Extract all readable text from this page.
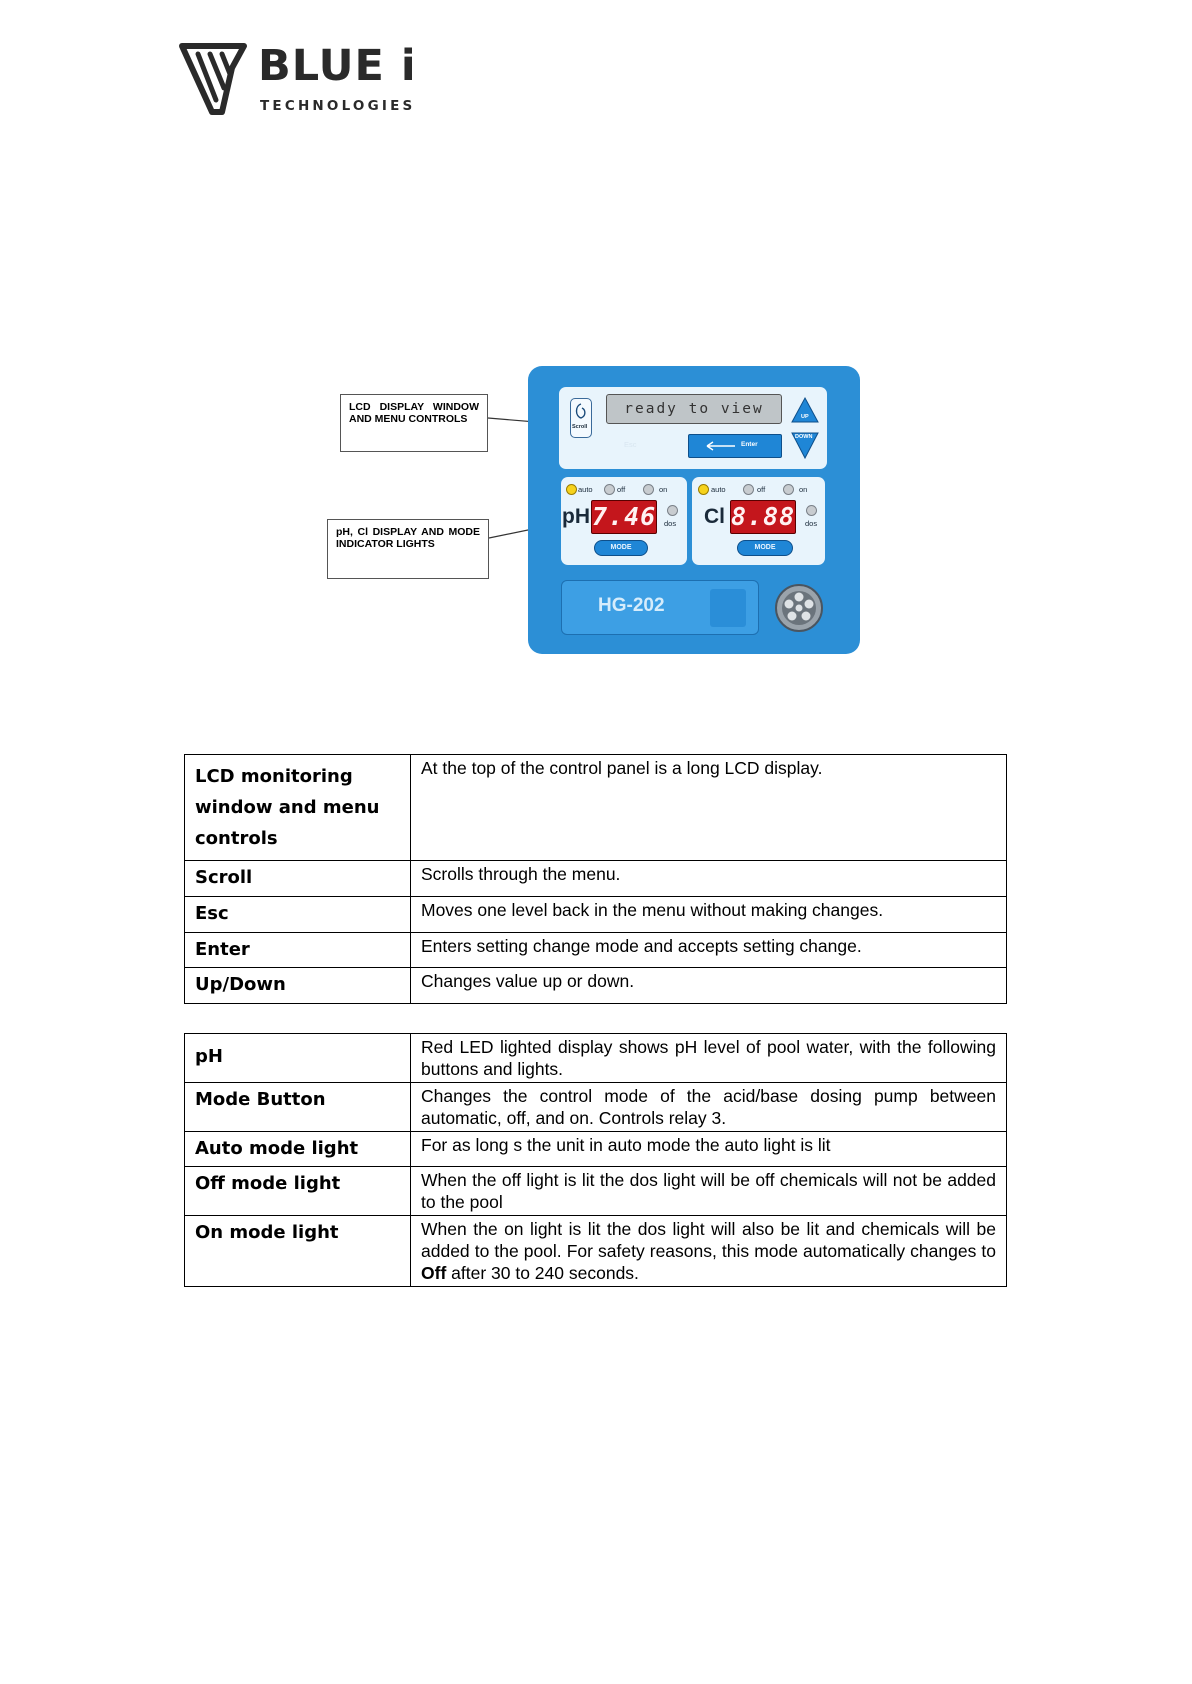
BLUE i
TECHNOLOGIES
LCD DISPLAY WINDOW AND MENU CONTROLS
pH, Cl DISPLAY AND MODE INDICATOR LIGHTS
Scroll
ready to view
Esc	Enter
UP
DOWN
auto	off	on
pH 7.46 dos
MODE
auto	off	on
Cl 8.88 dos
MODE
HG-202
LCD monitoring window and menu controls	At the top of the control panel is a long LCD display.
Scroll	Scrolls through the menu.
Esc	Moves one level back in the menu without making changes.
Enter	Enters setting change mode and accepts setting change.
Up/Down	Changes value up or down.
pH	Red LED lighted display shows pH level of pool water, with the following buttons and lights.
Mode Button	Changes the control mode of the acid/base dosing pump between automatic, off, and on. Controls relay 3.
Auto mode light	For as long s the unit in auto mode the auto light is lit
Off mode light	When the off light is lit the dos light will be off chemicals will not be added to the pool
On mode light	When the on light is lit the dos light will also be lit and chemicals will be added to the pool. For safety reasons, this mode automatically changes to Off after 30 to 240 seconds.
